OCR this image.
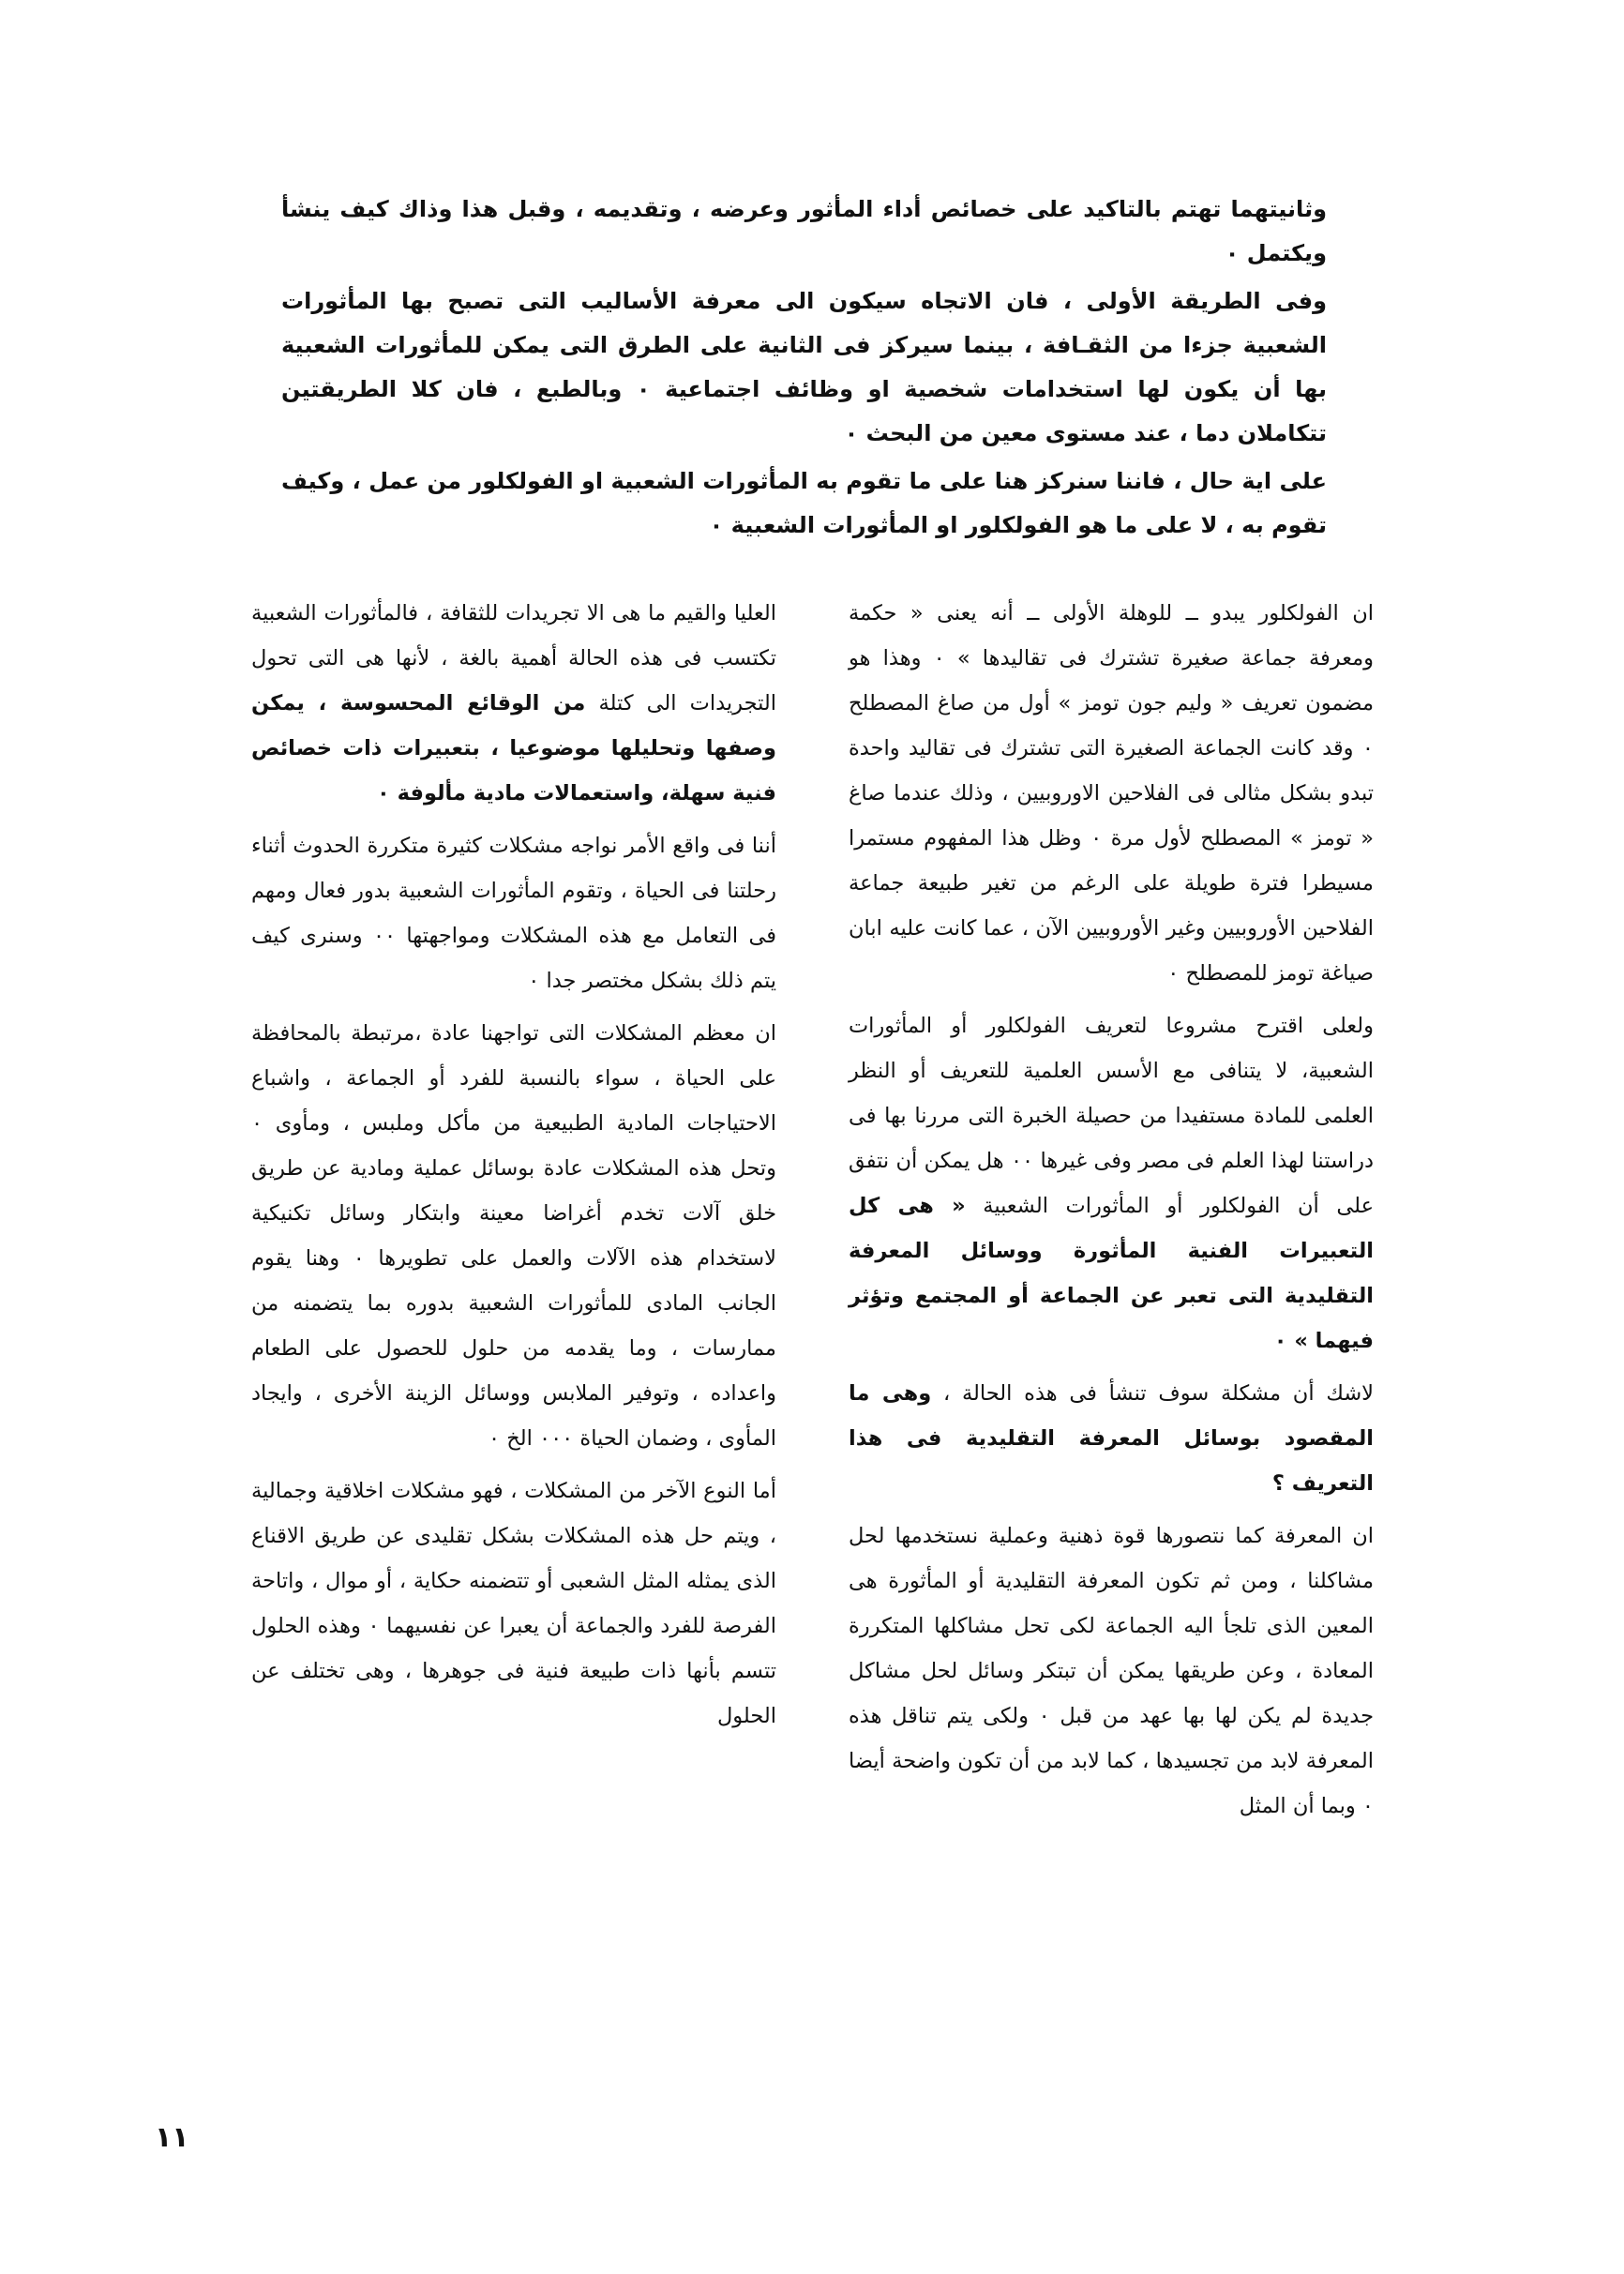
وثانيتهما تهتم بالتاكيد على خصائص أداء المأثور وعرضه ، وتقديمه ، وقبل هذا وذاك كيف ينشأ ويكتمل ٠

وفى الطريقة الأولى ، فان الاتجاه سيكون الى معرفة الأساليب التى تصبح بها المأثورات الشعبية جزءا من الثقـافة ، بينما سيركز فى الثانية على الطرق التى يمكن للمأثورات الشعبية بها أن يكون لها استخدامات شخصية او وظائف اجتماعية ٠ وبالطبع ، فان كلا الطريقتين تتكاملان دما ، عند مستوى معين من البحث ٠

على اية حال ، فاننا سنركز هنا على ما تقوم به المأثورات الشعبية او الفولكلور من عمل ، وكيف تقوم به ، لا على ما هو الفولكلور او المأثورات الشعبية ٠

ان الفولكلور يبدو ــ للوهلة الأولى ــ أنه يعنى « حكمة ومعرفة جماعة صغيرة تشترك فى تقاليدها » ٠ وهذا هو مضمون تعريف « وليم جون تومز » أول من صاغ المصطلح ٠ وقد كانت الجماعة الصغيرة التى تشترك فى تقاليد واحدة تبدو بشكل مثالى فى الفلاحين الاوروبيين ، وذلك عندما صاغ « تومز » المصطلح لأول مرة ٠ وظل هذا المفهوم مستمرا مسيطرا فترة طويلة على الرغم من تغير طبيعة جماعة الفلاحين الأوروبيين وغير الأوروبيين الآن ، عما كانت عليه ابان صياغة تومز للمصطلح ٠

ولعلى اقترح مشروعا لتعريف الفولكلور أو المأثورات الشعبية، لا يتنافى مع الأسس العلمية للتعريف أو النظر العلمى للمادة مستفيدا من حصيلة الخبرة التى مررنا بها فى دراستنا لهذا العلم فى مصر وفى غيرها ٠٠ هل يمكن أن نتفق على أن الفولكلور أو المأثورات الشعبية « هى كل التعبيرات الفنية المأثورة ووسائل المعرفة التقليدية التى تعبر عن الجماعة أو المجتمع وتؤثر فيهما » ٠

لاشك أن مشكلة سوف تنشأ فى هذه الحالة ، وهى ما المقصود بوسائل المعرفة التقليدية فى هذا التعريف ؟

ان المعرفة كما نتصورها قوة ذهنية وعملية نستخدمها لحل مشاكلنا ، ومن ثم تكون المعرفة التقليدية أو المأثورة هى المعين الذى تلجأ اليه الجماعة لكى تحل مشاكلها المتكررة المعادة ، وعن طريقها يمكن أن تبتكر وسائل لحل مشاكل جديدة لم يكن لها بها عهد من قبل ٠ ولكى يتم تناقل هذه المعرفة لابد من تجسيدها ، كما لابد من أن تكون واضحة أيضا ٠ وبما أن المثل

العليا والقيم ما هى الا تجريدات للثقافة ، فالمأثورات الشعبية تكتسب فى هذه الحالة أهمية بالغة ، لأنها هى التى تحول التجريدات الى كتلة من الوقائع المحسوسة ، يمكن وصفها وتحليلها موضوعيا ، بتعبيرات ذات خصائص فنية سهلة، واستعمالات مادية مألوفة ٠

أننا فى واقع الأمر نواجه مشكلات كثيرة متكررة الحدوث أثناء رحلتنا فى الحياة ، وتقوم المأثورات الشعبية بدور فعال ومهم فى التعامل مع هذه المشكلات ومواجهتها ٠٠ وسنرى كيف يتم ذلك بشكل مختصر جدا ٠

ان معظم المشكلات التى تواجهنا عادة ،مرتبطة بالمحافظة على الحياة ، سواء بالنسبة للفرد أو الجماعة ، واشباع الاحتياجات المادية الطبيعية من مأكل وملبس ، ومأوى ٠ وتحل هذه المشكلات عادة بوسائل عملية ومادية عن طريق خلق آلات تخدم أغراضا معينة وابتكار وسائل تكنيكية لاستخدام هذه الآلات والعمل على تطويرها ٠ وهنا يقوم الجانب المادى للمأثورات الشعبية بدوره بما يتضمنه من ممارسات ، وما يقدمه من حلول للحصول على الطعام واعداده ، وتوفير الملابس ووسائل الزينة الأخرى ، وايجاد المأوى ، وضمان الحياة ٠٠٠ الخ ٠

أما النوع الآخر من المشكلات ، فهو مشكلات اخلاقية وجمالية ، ويتم حل هذه المشكلات بشكل تقليدى عن طريق الاقناع الذى يمثله المثل الشعبى أو تتضمنه حكاية ، أو موال ، واتاحة الفرصة للفرد والجماعة أن يعبرا عن نفسيهما ٠ وهذه الحلول تتسم بأنها ذات طبيعة فنية فى جوهرها ، وهى تختلف عن الحلول

١١
